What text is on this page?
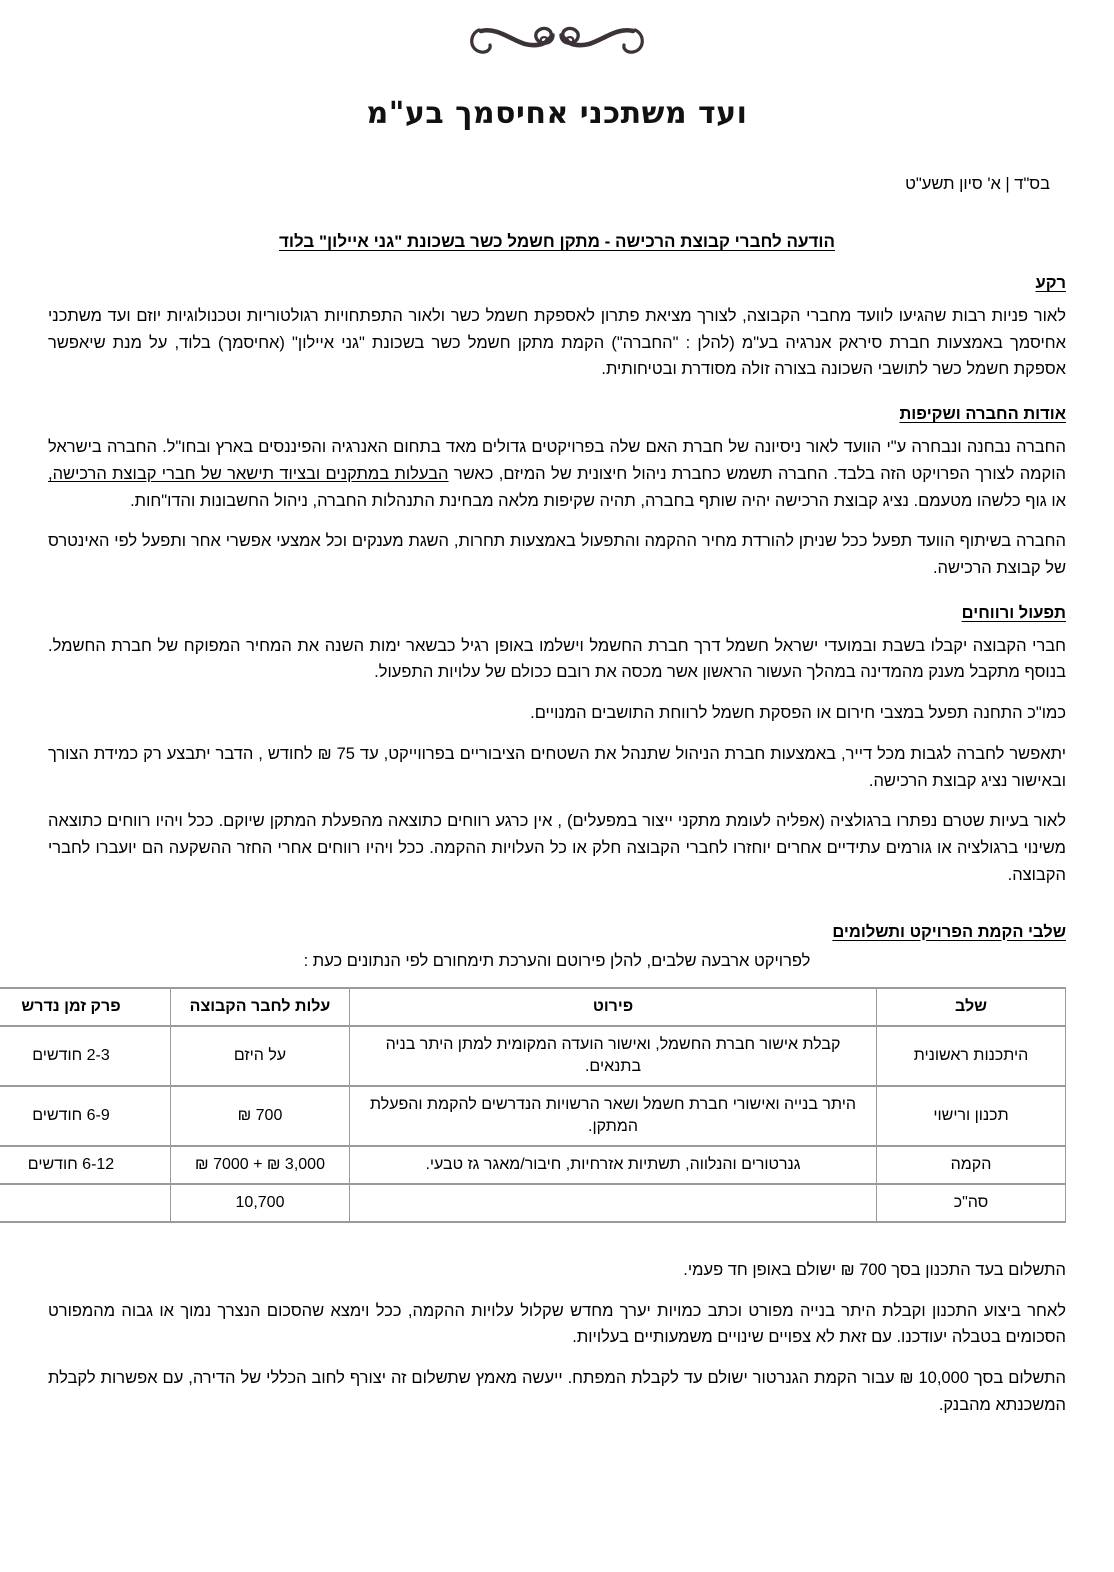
ועד משתכני אחיסמך בע"מ
בס"ד | א' סיון תשע"ט
הודעה לחברי קבוצת הרכישה - מתקן חשמל כשר בשכונת "גני איילון" בלוד
רקע

לאור פניות רבות שהגיעו לוועד מחברי הקבוצה, לצורך מציאת פתרון לאספקת חשמל כשר ולאור התפתחויות רגולטוריות וטכנולוגיות יוזם ועד משתכני אחיסמך באמצעות חברת סיראק אנרגיה בע"מ (להלן : "החברה") הקמת מתקן חשמל כשר בשכונת "גני איילון" (אחיסמך) בלוד, על מנת שיאפשר אספקת חשמל כשר לתושבי השכונה בצורה זולה מסודרת ובטיחותית.

אודות החברה ושקיפות

החברה נבחנה ונבחרה ע"י הוועד לאור ניסיונה של חברת האם שלה בפרויקטים גדולים מאד בתחום האנרגיה והפיננסים בארץ ובחו"ל. החברה בישראל הוקמה לצורך הפרויקט הזה בלבד. החברה תשמש כחברת ניהול חיצונית של המיזם, כאשר הבעלות במתקנים ובציוד תישאר של חברי קבוצת הרכישה, או גוף כלשהו מטעמם. נציג קבוצת הרכישה יהיה שותף בחברה, תהיה שקיפות מלאה מבחינת התנהלות החברה, ניהול החשבונות והדו"חות.

החברה בשיתוף הוועד תפעל ככל שניתן להורדת מחיר ההקמה והתפעול באמצעות תחרות, השגת מענקים וכל אמצעי אפשרי אחר ותפעל לפי האינטרס של קבוצת הרכישה.

תפעול ורווחים

חברי הקבוצה יקבלו בשבת ובמועדי ישראל חשמל דרך חברת החשמל וישלמו באופן רגיל כבשאר ימות השנה את המחיר המפוקח של חברת החשמל. בנוסף מתקבל מענק מהמדינה במהלך העשור הראשון אשר מכסה את רובם ככולם של עלויות התפעול.

כמו"כ התחנה תפעל במצבי חירום או הפסקת חשמל לרווחת התושבים המנויים.

יתאפשר לחברה לגבות מכל דייר, באמצעות חברת הניהול שתנהל את השטחים הציבוריים בפרווייקט, עד 75 ₪ לחודש , הדבר יתבצע רק כמידת הצורך ובאישור נציג קבוצת הרכישה.

לאור בעיות שטרם נפתרו ברגולציה (אפליה לעומת מתקני ייצור במפעלים) , אין כרגע רווחים כתוצאה מהפעלת המתקן שיוקם. ככל ויהיו רווחים כתוצאה משינוי ברגולציה או גורמים עתידיים אחרים יוחזרו לחברי הקבוצה חלק או כל העלויות ההקמה. ככל ויהיו רווחים אחרי החזר ההשקעה הם יועברו לחברי הקבוצה.

שלבי הקמת הפרויקט ותשלומים

לפרויקט ארבעה שלבים, להלן פירוטם והערכת תימחורם לפי הנתונים כעת :

שלב	פירוט	עלות לחבר הקבוצה	פרק זמן נדרש
היתכנות ראשונית	קבלת אישור חברת החשמל, ואישור הועדה המקומית למתן היתר בניה בתנאים.	על היזם	2-3 חודשים
תכנון ורישוי	היתר בנייה ואישורי חברת חשמל ושאר הרשויות הנדרשים להקמת והפעלת המתקן.	700 ₪	6-9 חודשים
הקמה	גנרטורים והנלווה, תשתיות אזרחיות, חיבור/מאגר גז טבעי.	3,000 ₪ + 7000 ₪	6-12 חודשים
סה"כ		10,700	

התשלום בעד התכנון בסך 700 ₪ ישולם באופן חד פעמי.

לאחר ביצוע התכנון וקבלת היתר בנייה מפורט וכתב כמויות יערך מחדש שקלול עלויות ההקמה, ככל וימצא שהסכום הנצרך נמוך או גבוה מהמפורט הסכומים בטבלה יעודכנו. עם זאת לא צפויים שינויים משמעותיים בעלויות.

התשלום בסך 10,000 ₪ עבור הקמת הגנרטור ישולם עד לקבלת המפתח. ייעשה מאמץ שתשלום זה יצורף לחוב הכללי של הדירה, עם אפשרות לקבלת המשכנתא מהבנק.
